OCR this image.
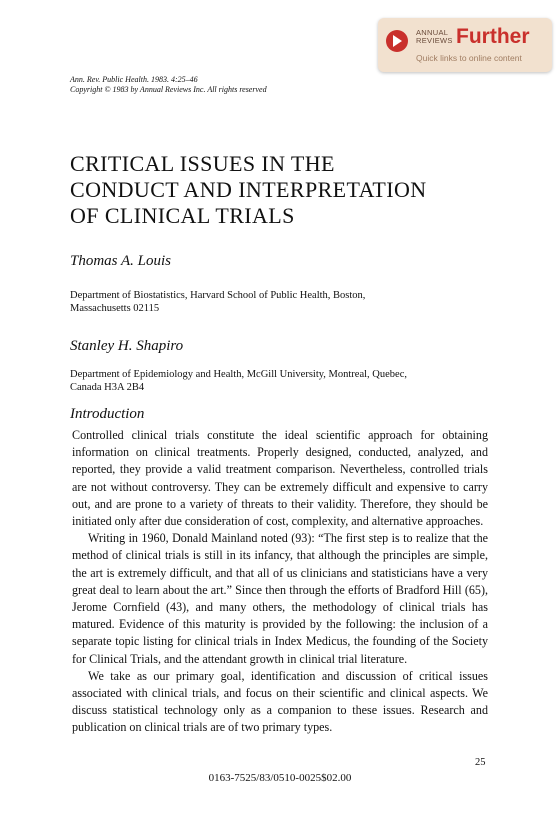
ANNUAL
REVIEWS Further
Quick links to online content
Ann. Rev. Public Health. 1983. 4:25–46
Copyright © 1983 by Annual Reviews Inc. All rights reserved
CRITICAL ISSUES IN THE
CONDUCT AND INTERPRETATION
OF CLINICAL TRIALS
Thomas A. Louis
Department of Biostatistics, Harvard School of Public Health, Boston,
Massachusetts 02115
Stanley H. Shapiro
Department of Epidemiology and Health, McGill University, Montreal, Quebec,
Canada H3A 2B4
Introduction

Controlled clinical trials constitute the ideal scientific approach for obtaining information on clinical treatments. Properly designed, conducted, analyzed, and reported, they provide a valid treatment comparison. Nevertheless, controlled trials are not without controversy. They can be extremely difficult and expensive to carry out, and are prone to a variety of threats to their validity. Therefore, they should be initiated only after due consideration of cost, complexity, and alternative approaches.

Writing in 1960, Donald Mainland noted (93): “The first step is to realize that the method of clinical trials is still in its infancy, that although the principles are simple, the art is extremely difficult, and that all of us clinicians and statisticians have a very great deal to learn about the art.” Since then through the efforts of Bradford Hill (65), Jerome Cornfield (43), and many others, the methodology of clinical trials has matured. Evidence of this maturity is provided by the following: the inclusion of a separate topic listing for clinical trials in Index Medicus, the founding of the Society for Clinical Trials, and the attendant growth in clinical trial literature.

We take as our primary goal, identification and discussion of critical issues associated with clinical trials, and focus on their scientific and clinical aspects. We discuss statistical technology only as a companion to these issues. Research and publication on clinical trials are of two primary types.

25
0163-7525/83/0510-0025$02.00
